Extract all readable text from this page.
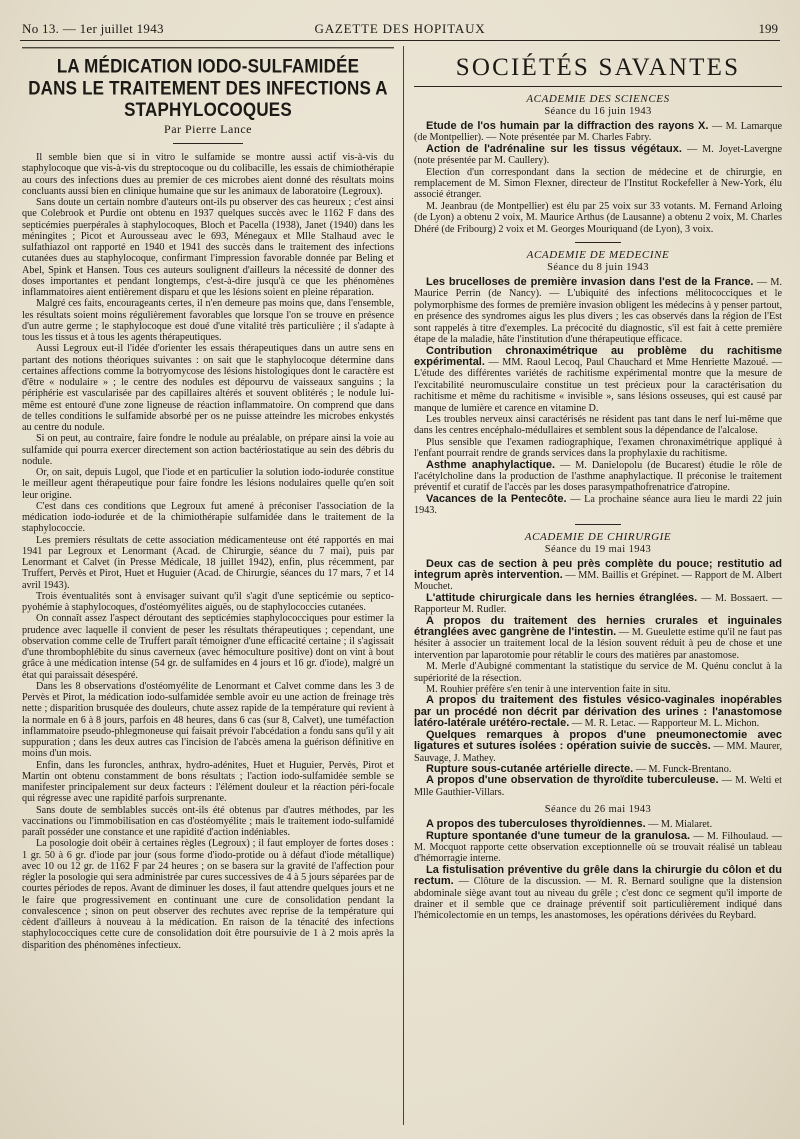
No 13. — 1er juillet 1943	GAZETTE DES HOPITAUX	199
LA MÉDICATION IODO-SULFAMIDÉE
DANS LE TRAITEMENT DES INFECTIONS A STAPHYLOCOQUES
Par Pierre Lance

Il semble bien que si in vitro le sulfamide se montre aussi actif vis-à-vis du staphylocoque que vis-à-vis du streptocoque ou du colibacille, les essais de chimiothérapie au cours des infections dues au premier de ces microbes aient donné des résultats moins concluants aussi bien en clinique humaine que sur les animaux de laboratoire (Legroux).

Sans doute un certain nombre d'auteurs ont-ils pu observer des cas heureux ; c'est ainsi que Colebrook et Purdie ont obtenu en 1937 quelques succès avec le 1162 F dans des septicémies puerpérales à staphylocoques, Bloch et Pacella (1938), Janet (1940) dans les méningites ; Picot et Aurousseau avec le 693, Ménegaux et Mlle Stalhaud avec le sulfathiazol ont rapporté en 1940 et 1941 des succès dans le traitement des infections cutanées dues au staphylocoque, confirmant l'impression favorable donnée par Beling et Abel, Spink et Hansen. Tous ces auteurs soulignent d'ailleurs la nécessité de donner des doses importantes et pendant longtemps, c'est-à-dire jusqu'à ce que les phénomènes inflammatoires aient entièrement disparu et que les lésions soient en pleine réparation.

Malgré ces faits, encourageants certes, il n'en demeure pas moins que, dans l'ensemble, les résultats soient moins régulièrement favorables que lorsque l'on se trouve en présence d'un autre germe ; le staphylocoque est doué d'une vitalité très particulière ; il s'adapte à tous les tissus et à tous les agents thérapeutiques.

Aussi Legroux eut-il l'idée d'orienter les essais thérapeutiques dans un autre sens en partant des notions théoriques suivantes : on sait que le staphylocoque détermine dans certaines affections comme la botryomycose des lésions histologiques dont le caractère est d'être « nodulaire » ; le centre des nodules est dépourvu de vaisseaux sanguins ; la périphérie est vascularisée par des capillaires altérés et souvent oblitérés ; le nodule lui-même est entouré d'une zone ligneuse de réaction inflammatoire. On comprend que dans de telles conditions le sulfamide absorbé per os ne puisse atteindre les microbes enkystés au centre du nodule.

Si on peut, au contraire, faire fondre le nodule au préalable, on prépare ainsi la voie au sulfamide qui pourra exercer directement son action bactériostatique au sein des débris du nodule.

Or, on sait, depuis Lugol, que l'iode et en particulier la solution iodo-iodurée constitue le meilleur agent thérapeutique pour faire fondre les lésions nodulaires quelle qu'en soit leur origine.

C'est dans ces conditions que Legroux fut amené à préconiser l'association de la médication iodo-iodurée et de la chimiothérapie sulfamidée dans le traitement de la staphylococcie.

Les premiers résultats de cette association médicamenteuse ont été rapportés en mai 1941 par Legroux et Lenormant (Acad. de Chirurgie, séance du 7 mai), puis par Lenormant et Calvet (in Presse Médicale, 18 juillet 1942), enfin, plus récemment, par Truffert, Pervès et Pirot, Huet et Huguier (Acad. de Chirurgie, séances du 17 mars, 7 et 14 avril 1943).

Trois éventualités sont à envisager suivant qu'il s'agit d'une septicémie ou septico-pyohémie à staphylocoques, d'ostéomyélites aiguës, ou de staphylococcies cutanées.

On connaît assez l'aspect déroutant des septicémies staphylococciques pour estimer la prudence avec laquelle il convient de peser les résultats thérapeutiques ; cependant, une observation comme celle de Truffert paraît témoigner d'une efficacité certaine ; il s'agissait d'une thrombophlébite du sinus caverneux (avec hémoculture positive) dont on vint à bout grâce à une médication intense (54 gr. de sulfamides en 4 jours et 16 gr. d'iode), malgré un état qui paraissait désespéré.

Dans les 8 observations d'ostéomyélite de Lenormant et Calvet comme dans les 3 de Pervès et Pirot, la médication iodo-sulfamidée semble avoir eu une action de freinage très nette ; disparition brusquée des douleurs, chute assez rapide de la température qui revient à la normale en 6 à 8 jours, parfois en 48 heures, dans 6 cas (sur 8, Calvet), une tuméfaction inflammatoire pseudo-phlegmoneuse qui faisait prévoir l'abcédation a fondu sans qu'il y ait suppuration ; dans les deux autres cas l'incision de l'abcès amena la guérison définitive en moins d'un mois.

Enfin, dans les furoncles, anthrax, hydro-adénites, Huet et Huguier, Pervès, Pirot et Martin ont obtenu constamment de bons résultats ; l'action iodo-sulfamidée semble se manifester principalement sur deux facteurs : l'élément douleur et la réaction péri-focale qui régresse avec une rapidité parfois surprenante.

Sans doute de semblables succès ont-ils été obtenus par d'autres méthodes, par les vaccinations ou l'immobilisation en cas d'ostéomyélite ; mais le traitement iodo-sulfamidé paraît posséder une constance et une rapidité d'action indéniables.

La posologie doit obéir à certaines règles (Legroux) ; il faut employer de fortes doses : 1 gr. 50 à 6 gr. d'iode par jour (sous forme d'iodo-protide ou à défaut d'iode métallique) avec 10 ou 12 gr. de 1162 F par 24 heures ; on se basera sur la gravité de l'affection pour régler la posologie qui sera administrée par cures successives de 4 à 5 jours séparées par de courtes périodes de repos. Avant de diminuer les doses, il faut attendre quelques jours et ne le faire que progressivement en continuant une cure de consolidation pendant la convalescence ; sinon on peut observer des rechutes avec reprise de la température qui cèdent d'ailleurs à nouveau à la médication. En raison de la ténacité des infections staphylococciques cette cure de consolidation doit être poursuivie de 1 à 2 mois après la disparition des phénomènes infectieux.

SOCIÉTÉS SAVANTES
ACADEMIE DES SCIENCES
Séance du 16 juin 1943

Etude de l'os humain par la diffraction des rayons X. — M. Lamarque (de Montpellier). — Note présentée par M. Charles Fabry.

Action de l'adrénaline sur les tissus végétaux. — M. Joyet-Lavergne (note présentée par M. Caullery).

Election d'un correspondant dans la section de médecine et de chirurgie, en remplacement de M. Simon Flexner, directeur de l'Institut Rockefeller à New-York, élu associé étranger.

M. Jeanbrau (de Montpellier) est élu par 25 voix sur 33 votants. M. Fernand Arloing (de Lyon) a obtenu 2 voix, M. Maurice Arthus (de Lausanne) a obtenu 2 voix, M. Charles Dhéré (de Fribourg) 2 voix et M. Georges Mouriquand (de Lyon), 3 voix.

ACADEMIE DE MEDECINE
Séance du 8 juin 1943

Les brucelloses de première invasion dans l'est de la France. — M. Maurice Perrin (de Nancy). — L'ubiquité des infections mélitococciques et le polymorphisme des formes de première invasion obligent les médecins à y penser partout, en présence des syndromes aigus les plus divers ; les cas observés dans la région de l'Est sont rappelés à titre d'exemples. La précocité du diagnostic, s'il est fait à cette première étape de la maladie, hâte l'institution d'une thérapeutique efficace.

Contribution chronaximétrique au problème du rachitisme expérimental. — MM. Raoul Lecoq, Paul Chauchard et Mme Henriette Mazoué. — L'étude des différentes variétés de rachitisme expérimental montre que la mesure de l'excitabilité neuromusculaire constitue un test précieux pour la caractérisation du rachitisme et même du rachitisme « invisible », sans lésions osseuses, qui est causé par manque de lumière et carence en vitamine D.

Les troubles nerveux ainsi caractérisés ne résident pas tant dans le nerf lui-même que dans les centres encéphalo-médullaires et semblent sous la dépendance de l'alcalose.

Plus sensible que l'examen radiographique, l'examen chronaximétrique appliqué à l'enfant pourrait rendre de grands services dans la prophylaxie du rachitisme.

Asthme anaphylactique. — M. Danielopolu (de Bucarest) étudie le rôle de l'acétylcholine dans la production de l'asthme anaphylactique. Il préconise le traitement préventif et curatif de l'accès par les doses parasympathofrenatrice d'atropine.

Vacances de la Pentecôte. — La prochaine séance aura lieu le mardi 22 juin 1943.

ACADEMIE DE CHIRURGIE
Séance du 19 mai 1943

Deux cas de section à peu près complète du pouce; restitutio ad integrum après intervention. — MM. Baillis et Grépinet. — Rapport de M. Albert Mouchet.

L'attitude chirurgicale dans les hernies étranglées. — M. Bossaert. — Rapporteur M. Rudler.

A propos du traitement des hernies crurales et inguinales étranglées avec gangrène de l'intestin. — M. Gueulette estime qu'il ne faut pas hésiter à associer un traitement local de la lésion souvent réduit à peu de chose et une intervention par laparotomie pour rétablir le cours des matières par anastomose.

M. Merle d'Aubigné commentant la statistique du service de M. Quénu conclut à la supériorité de la résection.

M. Rouhier préfère s'en tenir à une intervention faite in situ.

A propos du traitement des fistules vésico-vaginales inopérables par un procédé non décrit par dérivation des urines : l'anastomose latéro-latérale urétéro-rectale. — M. R. Letac. — Rapporteur M. L. Michon.

Quelques remarques à propos d'une pneumonectomie avec ligatures et sutures isolées : opération suivie de succès. — MM. Maurer, Sauvage, J. Mathey.

Rupture sous-cutanée artérielle directe. — M. Funck-Brentano.

A propos d'une observation de thyroïdite tuberculeuse. — M. Welti et Mlle Gauthier-Villars.

Séance du 26 mai 1943

A propos des tuberculoses thyroïdiennes. — M. Mialaret.

Rupture spontanée d'une tumeur de la granulosa. — M. Filhoulaud. — M. Mocquot rapporte cette observation exceptionnelle où se trouvait réalisé un tableau d'hémorragie interne.

La fistulisation préventive du grêle dans la chirurgie du côlon et du rectum. — Clôture de la discussion. — M. R. Bernard souligne que la distension abdominale siège avant tout au niveau du grêle ; c'est donc ce segment qu'il importe de drainer et il semble que ce drainage préventif soit particulièrement indiqué dans l'hémicolectomie en un temps, les anastomoses, les opérations dérivées du Reybard.
